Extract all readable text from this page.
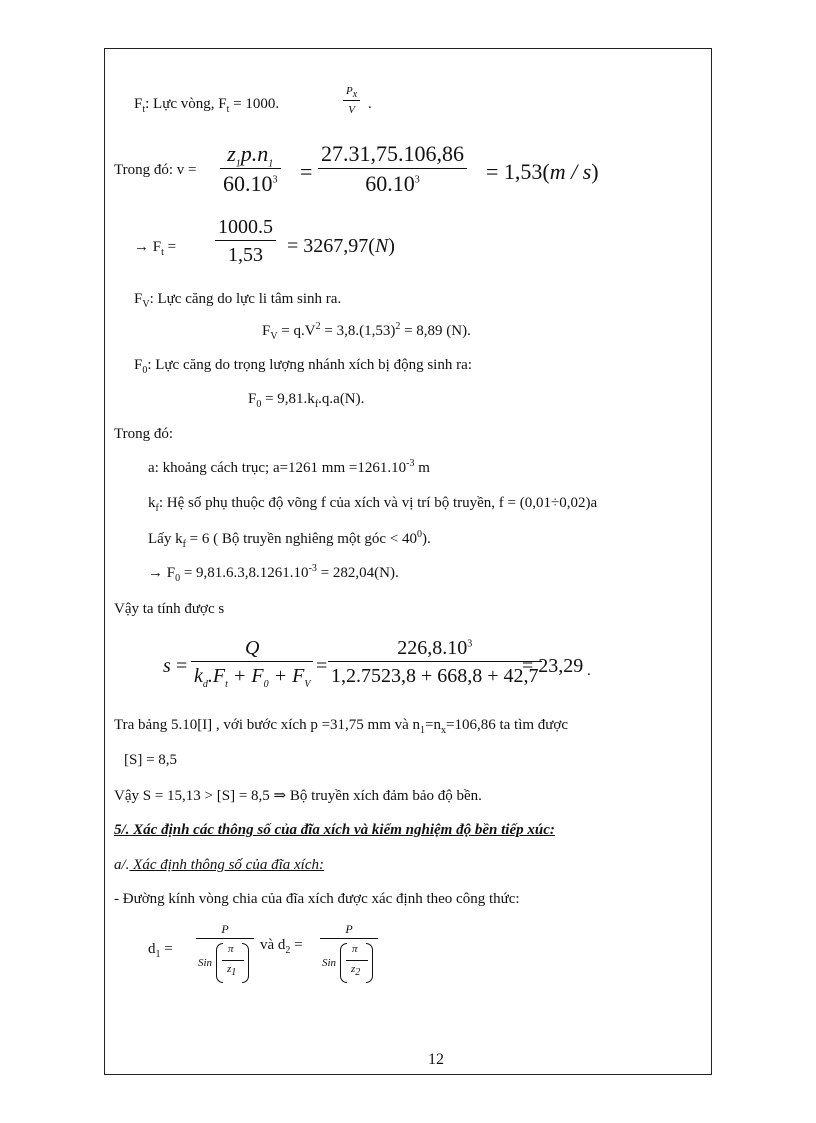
$F_t$: Lực vòng, $F_t = 1000$.	$\frac{P_x}{V}$ .
Trong đó: $v = \frac{z_1p.n_1}{60.10^3} = \frac{27.31,75.106,86}{60.10^3} = 1,53(m / s)$
→ $F_t = \frac{1000.5}{1,53} = 3267,97(N)$
$F_V$: Lực căng do lực li tâm sinh ra.
$F_V = q.V^2 = 3,8.(1,53)^2 = 8,89$ (N).
$F_0$: Lực căng do trọng lượng nhánh xích bị động sinh ra:
$F_0 = 9,81.k_f.q.a(N)$.
Trong đó:
a: khoảng cách trục; a=1261 mm $=1261.10^{-3}$ m
$k_f$: Hệ số phụ thuộc độ võng f của xích và vị trí bộ truyền, f = (0,01÷0,02)a
Lấy $k_f = 6$ ( Bộ truyền nghiêng một góc < $40^0$).
→ $F_0 = 9,81.6.3,8.1261.10^{-3} = 282,04(N)$.
Vậy ta tính được s
$s = \frac{Q}{k_d.F_t + F_0 + F_V} = \frac{226,8.10^3}{1,2.7523,8 + 668,8 + 42,7}$
= 23,29 .
Tra bảng 5.10[I] , với bước xích p =31,75 mm và $n_1=n_x=106,86$ ta tìm được
[S] = 8,5
Vậy S = 15,13 > [S] = 8,5 ⇒ Bộ truyền xích đảm bảo độ bền.
5/. Xác định các thông số của đĩa xích và kiểm nghiệm độ bền tiếp xúc:
a/. Xác định thông số của đĩa xích:
- Đường kính vòng chia của đĩa xích được xác định theo công thức:
$d_1$ =
P
Sin
π
$z_1$
và $d_2$ =
P
Sin
π
$z_2$
12
